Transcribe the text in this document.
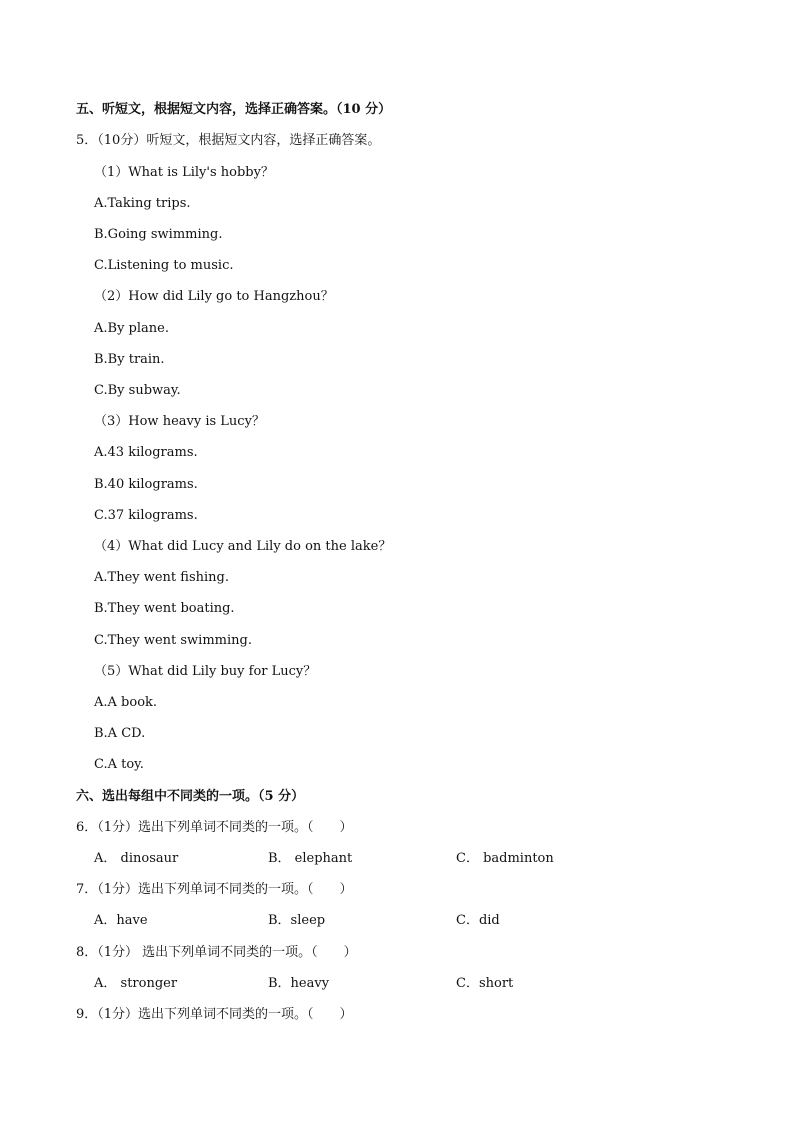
五、听短文，根据短文内容，选择正确答案。（10 分）
5．（10分）听短文，根据短文内容，选择正确答案。
（1）What is Lily's hobby？
A.Taking trips.
B.Going swimming.
C.Listening to music.
（2）How did Lily go to Hangzhou？
A.By plane.
B.By train.
C.By subway.
（3）How heavy is Lucy？
A.43 kilograms.
B.40 kilograms.
C.37 kilograms.
（4）What did Lucy and Lily do on the lake？
A.They went fishing.
B.They went boating.
C.They went swimming.
（5）What did Lily buy for Lucy？
A.A book.
B.A CD.
C.A toy.
六、选出每组中不同类的一项。（5 分）
6．（1分）选出下列单词不同类的一项。（　　）
A． dinosaur	B． elephant	C． badminton
7．（1分）选出下列单词不同类的一项。（　　）
A．have	B．sleep	C．did
8．（1分） 选出下列单词不同类的一项。（　　）
A． stronger	B．heavy	C．short
9．（1分）选出下列单词不同类的一项。（　　）
